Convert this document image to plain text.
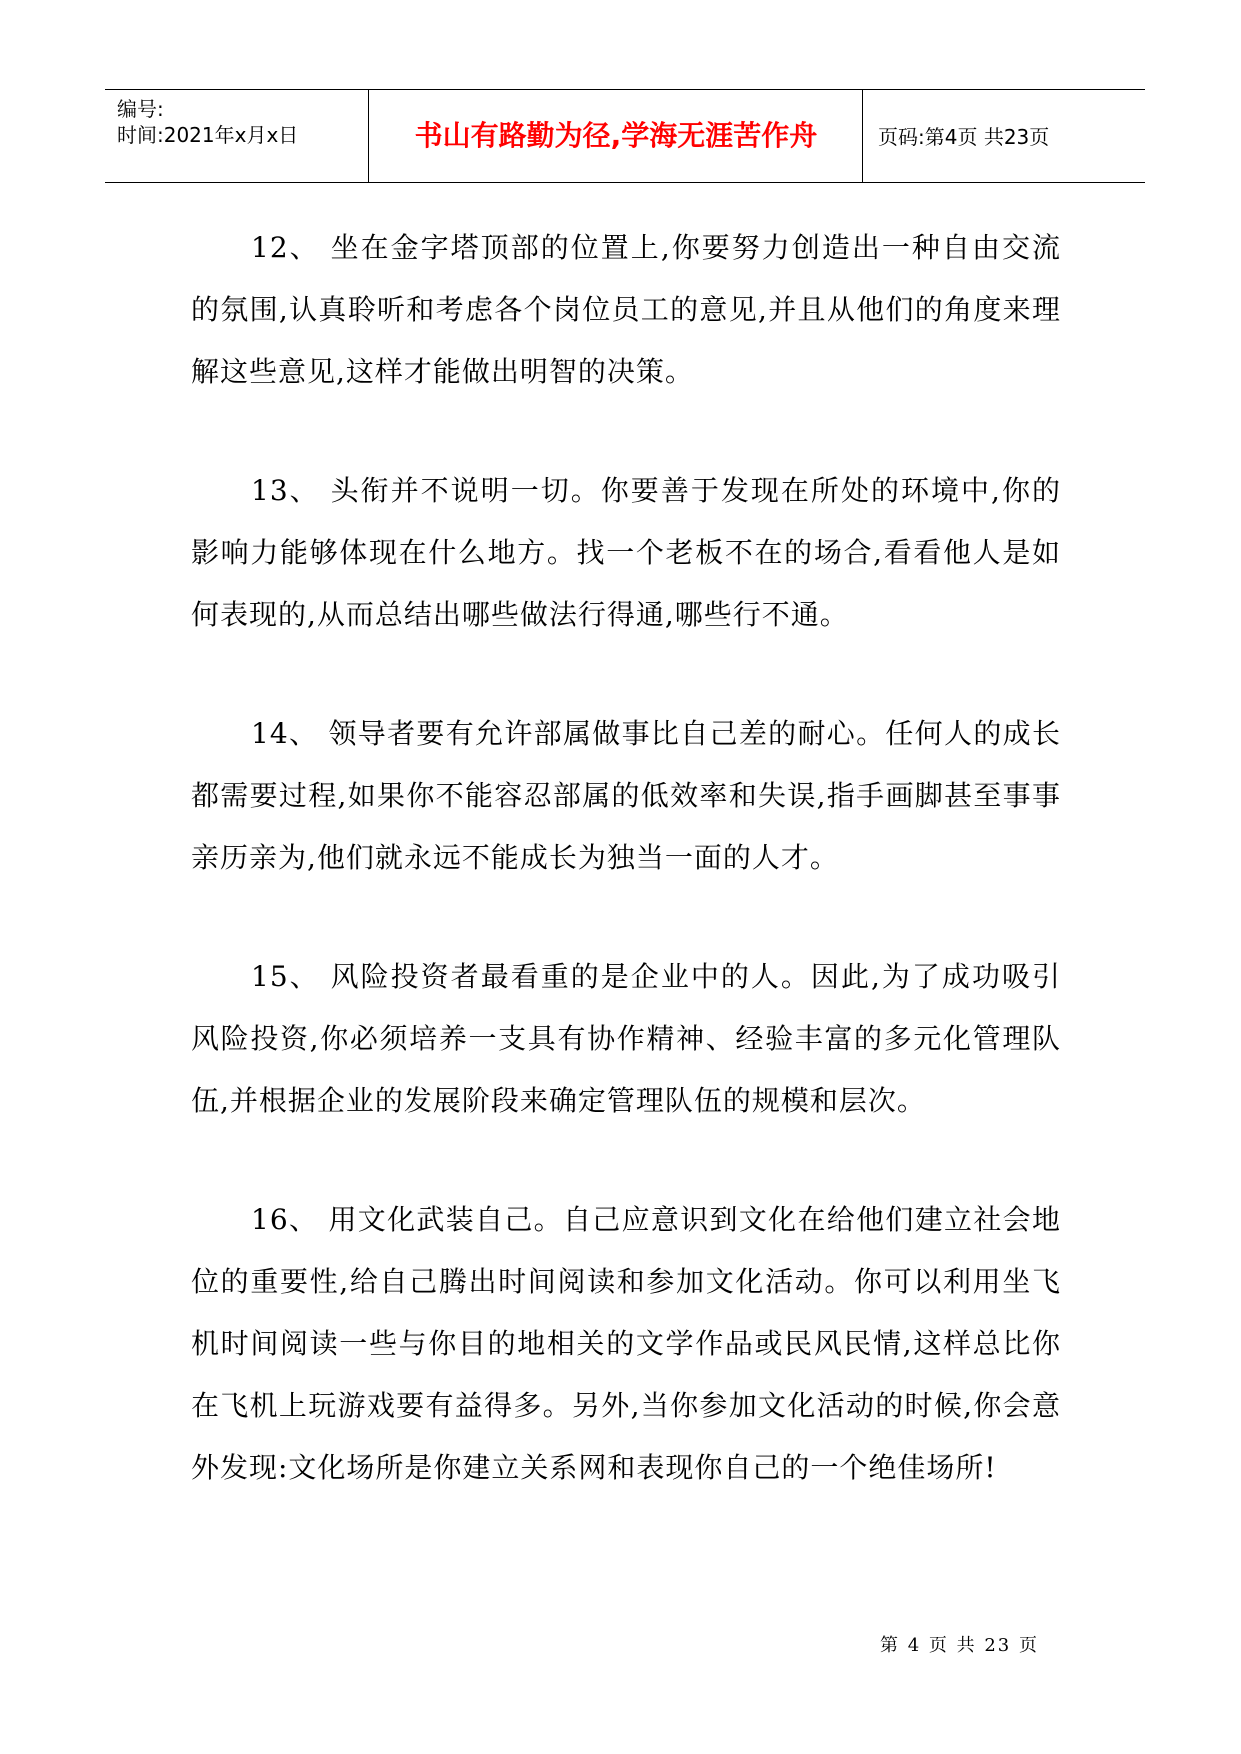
编号:
时间:2021年x月x日	书山有路勤为径,学海无涯苦作舟	页码:第4页 共23页

12、 坐在金字塔顶部的位置上,你要努力创造出一种自由交流的氛围,认真聆听和考虑各个岗位员工的意见,并且从他们的角度来理解这些意见,这样才能做出明智的决策。

13、 头衔并不说明一切。你要善于发现在所处的环境中,你的影响力能够体现在什么地方。找一个老板不在的场合,看看他人是如何表现的,从而总结出哪些做法行得通,哪些行不通。

14、 领导者要有允许部属做事比自己差的耐心。任何人的成长都需要过程,如果你不能容忍部属的低效率和失误,指手画脚甚至事事亲历亲为,他们就永远不能成长为独当一面的人才。

15、 风险投资者最看重的是企业中的人。因此,为了成功吸引风险投资,你必须培养一支具有协作精神、经验丰富的多元化管理队伍,并根据企业的发展阶段来确定管理队伍的规模和层次。

16、 用文化武装自己。自己应意识到文化在给他们建立社会地位的重要性,给自己腾出时间阅读和参加文化活动。你可以利用坐飞机时间阅读一些与你目的地相关的文学作品或民风民情,这样总比你在飞机上玩游戏要有益得多。另外,当你参加文化活动的时候,你会意外发现:文化场所是你建立关系网和表现你自己的一个绝佳场所!

第 4 页 共 23 页
